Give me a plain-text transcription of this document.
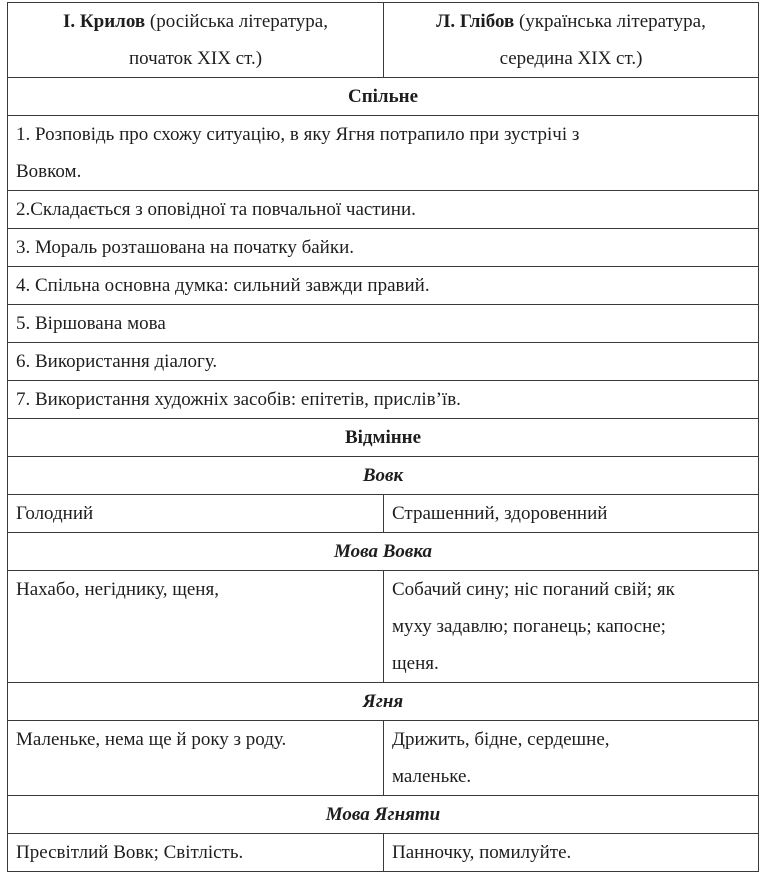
І. Крилов (російська література,
початок XIX ст.)	Л. Глібов (українська література,
середина XIX ст.)

Спільне	

1. Розповідь про схожу ситуацію, в яку Ягня потрапило при зустрічі з
Вовком.	

2.Складається з оповідної та повчальної частини.	

3. Мораль розташована на початку байки.	

4. Спільна основна думка: сильний завжди правий.	

5. Віршована мова	

6. Використання діалогу.	

7. Використання художніх засобів: епітетів, прислів’їв.	

Відмінне	

Вовк	

Голодний	Страшенний, здоровенний

Мова Вовка	

Нахабо, негіднику, щеня,	Собачий сину; ніс поганий свій; як
муху задавлю; поганець; капосне;
щеня.

Ягня	

Маленьке, нема ще й року з роду.	Дрижить, бідне, сердешне,
маленьке.

Мова Ягняти	

Пресвітлий Вовк; Світлість.	Панночку, помилуйте.
